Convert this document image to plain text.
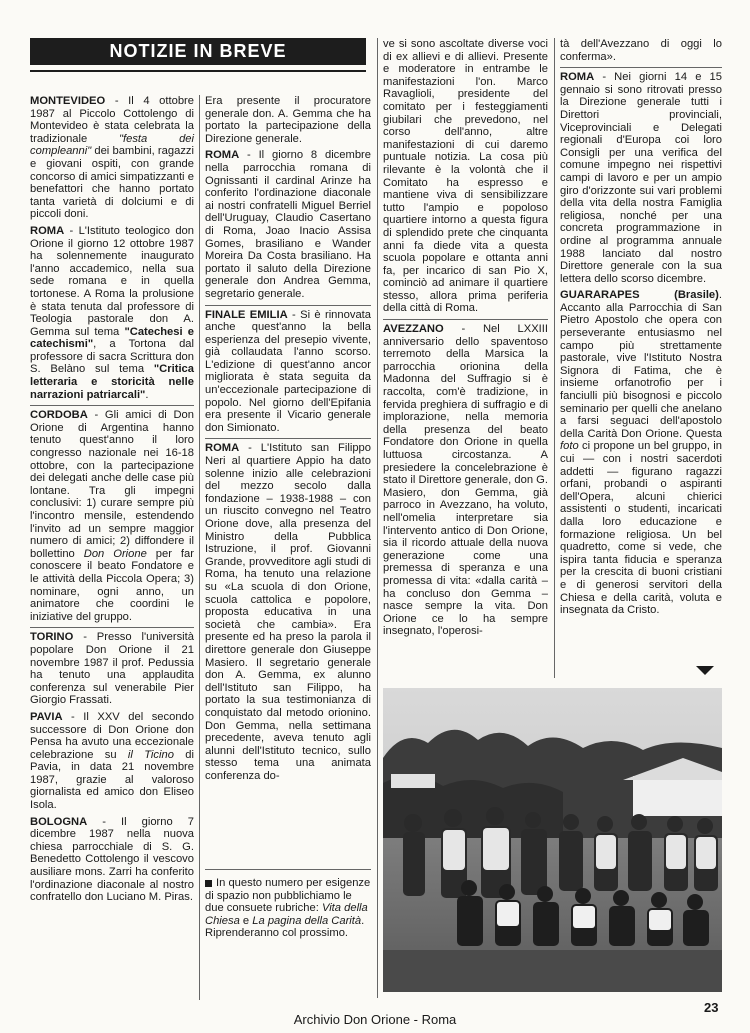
NOTIZIE IN BREVE

MONTEVIDEO - Il 4 ottobre 1987 al Piccolo Cottolengo di Montevideo è stata celebrata la tradizionale "festa dei compleanni" dei bambini, ragazzi e giovani ospiti, con grande concorso di amici simpatizzanti e benefattori che hanno portato tanta varietà di dolciumi e di piccoli doni.

ROMA - L'Istituto teologico don Orione il giorno 12 ottobre 1987 ha solennemente inaugurato l'anno accademico, nella sua sede romana e in quella tortonese. A Roma la prolusione è stata tenuta dal professore di Teologia pastorale don A. Gemma sul tema "Catechesi e catechismi", a Tortona dal professore di sacra Scrittura don S. Belàno sul tema "Critica letteraria e storicità nelle narrazioni patriarcali".

CORDOBA - Gli amici di Don Orione di Argentina hanno tenuto quest'anno il loro congresso nazionale nei 16-18 ottobre, con la partecipazione dei delegati anche delle case più lontane. Tra gli impegni conclusivi: 1) curare sempre più l'incontro mensile, estendendo l'invito ad un sempre maggior numero di amici; 2) diffondere il bollettino Don Orione per far conoscere il beato Fondatore e le attività della Piccola Opera; 3) nominare, ogni anno, un animatore che coordini le iniziative del gruppo.

TORINO - Presso l'università popolare Don Orione il 21 novembre 1987 il prof. Pedussia ha tenuto una applaudita conferenza sul venerabile Pier Giorgio Frassati.

PAVIA - Il XXV del secondo successore di Don Orione don Pensa ha avuto una eccezionale celebrazione su il Ticino di Pavia, in data 21 novembre 1987, grazie al valoroso giornalista ed amico don Eliseo Isola.

BOLOGNA - Il giorno 7 dicembre 1987 nella nuova chiesa parrocchiale di S. G. Benedetto Cottolengo il vescovo ausiliare mons. Zarri ha conferito l'ordinazione diaconale al nostro confratello don Luciano M. Piras.

Era presente il procuratore generale don. A. Gemma che ha portato la partecipazione della Direzione generale.

ROMA - Il giorno 8 dicembre nella parrocchia romana di Ognissanti il cardinal Arinze ha conferito l'ordinazione diaconale ai nostri confratelli Miguel Berriel dell'Uruguay, Claudio Casertano di Roma, Joao Inacio Assisa Gomes, brasiliano e Wander Moreira Da Costa brasiliano. Ha portato il saluto della Direzione generale don Andrea Gemma, segretario generale.

FINALE EMILIA - Si è rinnovata anche quest'anno la bella esperienza del presepio vivente, già collaudata l'anno scorso. L'edizione di quest'anno ancor migliorata è stata seguita da un'eccezionale partecipazione di popolo. Nel giorno dell'Epifania era presente il Vicario generale don Simionato.

ROMA - L'Istituto san Filippo Neri al quartiere Appio ha dato solenne inizio alle celebrazioni del mezzo secolo dalla fondazione – 1938-1988 – con un riuscito convegno nel Teatro Orione dove, alla presenza del Ministro della Pubblica Istruzione, il prof. Giovanni Grande, provveditore agli studi di Roma, ha tenuto una relazione su «La scuola di don Orione, scuola cattolica e popolore, proposta educativa in una società che cambia». Era presente ed ha preso la parola il direttore generale don Giuseppe Masiero. Il segretario generale don A. Gemma, ex alunno dell'Istituto san Filippo, ha portato la sua testimonianza di conquistato dal metodo orionino. Don Gemma, nella settimana precedente, aveva tenuto agli alunni dell'Istituto tecnico, sullo stesso tema una animata conferenza do-

In questo numero per esigenze di spazio non pubblichiamo le due consuete rubriche: Vita della Chiesa e La pagina della Carità. Riprenderanno col prossimo.

ve si sono ascoltate diverse voci di ex allievi e di allievi. Presente e moderatore in entrambe le manifestazioni l'on. Marco Ravaglioli, presidente del comitato per i festeggiamenti giubilari che prevedono, nel corso dell'anno, altre manifestazioni di cui daremo puntuale notizia. La cosa più rilevante è la volontà che il Comitato ha espresso e mantiene viva di sensibilizzare tutto l'ampio e popoloso quartiere intorno a questa figura di splendido prete che cinquanta anni fa diede vita a questa scuola popolare e ottanta anni fa, per incarico di san Pio X, cominciò ad animare il quartiere stesso, allora prima periferia della città di Roma.

AVEZZANO - Nel LXXIII anniversario dello spaventoso terremoto della Marsica la parrocchia orionina della Madonna del Suffragio si è raccolta, com'è tradizione, in fervida preghiera di suffragio e di implorazione, nella memoria della presenza del beato Fondatore don Orione in quella luttuosa circostanza. A presiedere la concelebrazione è stato il Direttore generale, don G. Masiero, don Gemma, già parroco in Avezzano, ha voluto, nell'omelia interpretare sia l'intervento antico di Don Orione, sia il ricordo attuale della nuova generazione come una premessa di speranza e una promessa di vita: «dalla carità – ha concluso don Gemma – nasce sempre la vita. Don Orione ce lo ha sempre insegnato, l'operosi-

tà dell'Avezzano di oggi lo conferma».

ROMA - Nei giorni 14 e 15 gennaio si sono ritrovati presso la Direzione generale tutti i Direttori provinciali, Viceprovinciali e Delegati regionali d'Europa coi loro Consigli per una verifica del comune impegno nei rispettivi campi di lavoro e per un ampio giro d'orizzonte sui vari problemi della vita della nostra Famiglia religiosa, nonché per una concreta programmazione in ordine al programma annuale 1988 lanciato dal nostro Direttore generale con la sua lettera dello scorso dicembre.

GUARARAPES (Brasile). Accanto alla Parrocchia di San Pietro Apostolo che opera con perseverante entusiasmo nel campo più strettamente pastorale, vive l'Istituto Nostra Signora di Fatima, che è insieme orfanotrofio per i fanciulli più bisognosi e piccolo seminario per quelli che anelano a farsi seguaci dell'apostolo della Carità Don Orione. Questa foto ci propone un bel gruppo, in cui — con i nostri sacerdoti addetti — figurano ragazzi orfani, probandi o aspiranti dell'Opera, alcuni chierici assistenti o studenti, incaricati dalla loro educazione e formazione religiosa. Un bel quadretto, come si vede, che ispira tanta fiducia e speranza per la crescita di buoni cristiani e di generosi servitori della Chiesa e della carità, voluta e insegnata da Cristo.

23
Archivio Don Orione - Roma
